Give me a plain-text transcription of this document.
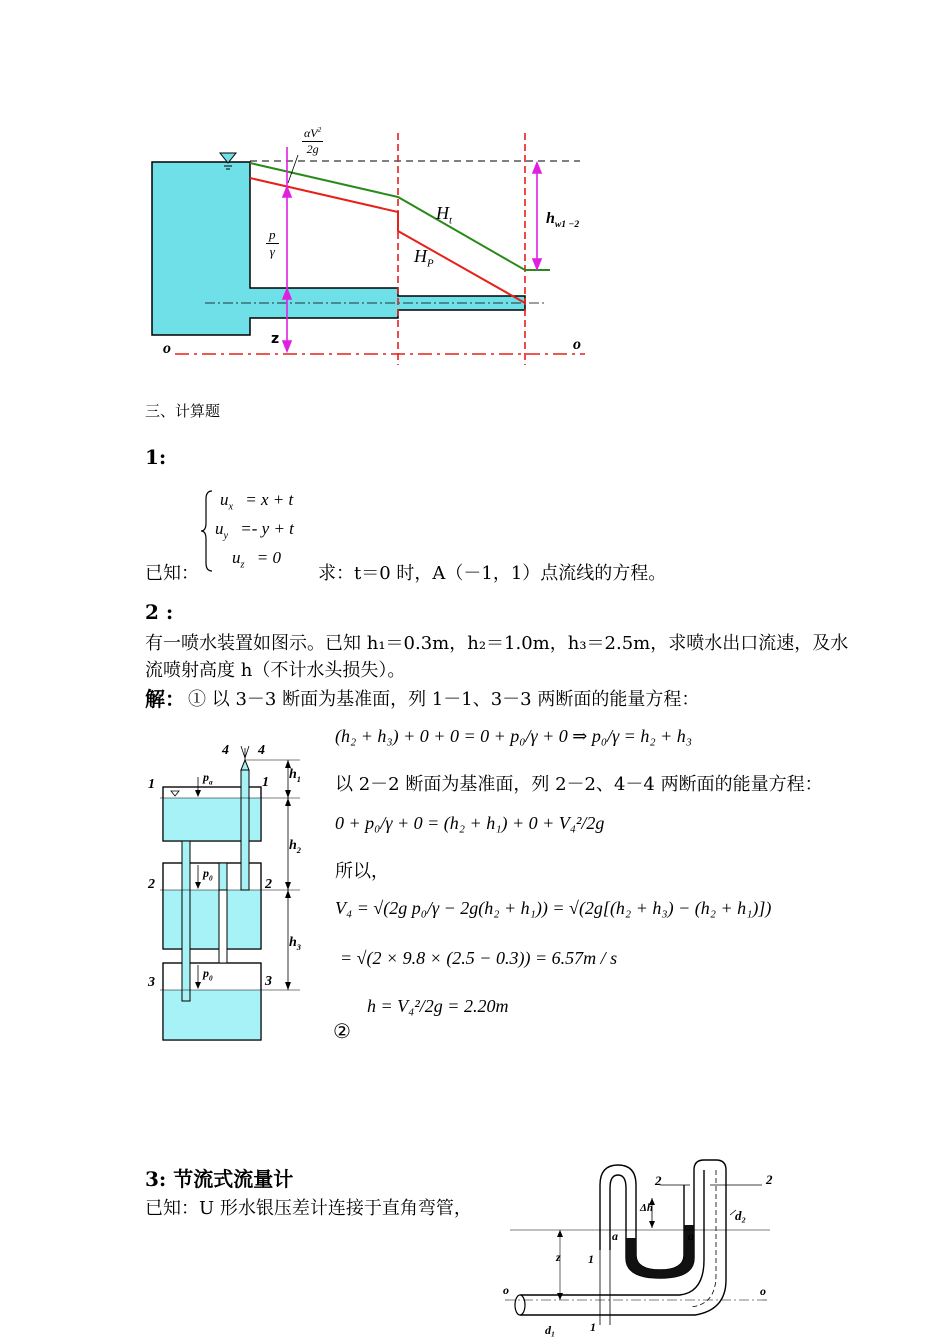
$\alpha V^2$
2g
$\frac{p}{\gamma}$
$H_t$
$H_P$
$h_{w1 -2}$
z
o	o
三、计算题
1:
$u_x = x + t$
$u_y =- y + t$
$u_z = 0$
已知：	求：t＝0 时，A（－1，1）点流线的方程。
2 :
有一喷水装置如图示。已知 h₁＝0.3m，h₂＝1.0m，h₃＝2.5m，求喷水出口流速，及水
流喷射高度 h（不计水头损失）。
解： ① 以 3－3 断面为基准面，列 1－1、3－3 两断面的能量方程：
(h₂ + h₃) + 0 + 0 = 0 + p₀/γ + 0 ⇒ p₀/γ = h₂ + h₃
以 2－2 断面为基准面，列 2－2、4－4 两断面的能量方程：
0 + p₀/γ + 0 = (h₂ + h₁) + 0 + V₄²/2g
所以，
V₄ = √(2g p₀/γ − 2g(h₂ + h₁)) = √(2g[(h₂ + h₃) − (h₂ + h₁)])
= √(2 × 9.8 × (2.5 − 0.3)) = 6.57m / s
h = V₄²/2g = 2.20m
②
1	1
2	2
3	3
4 4
$p_a$
$p_0$
$p_0$
$h_1$
$h_2$
$h_3$
3: 节流式流量计
已知：U 形水银压差计连接于直角弯管，
2	2
Δh	d₂
a	a
z 1
1
o	o
d₁
